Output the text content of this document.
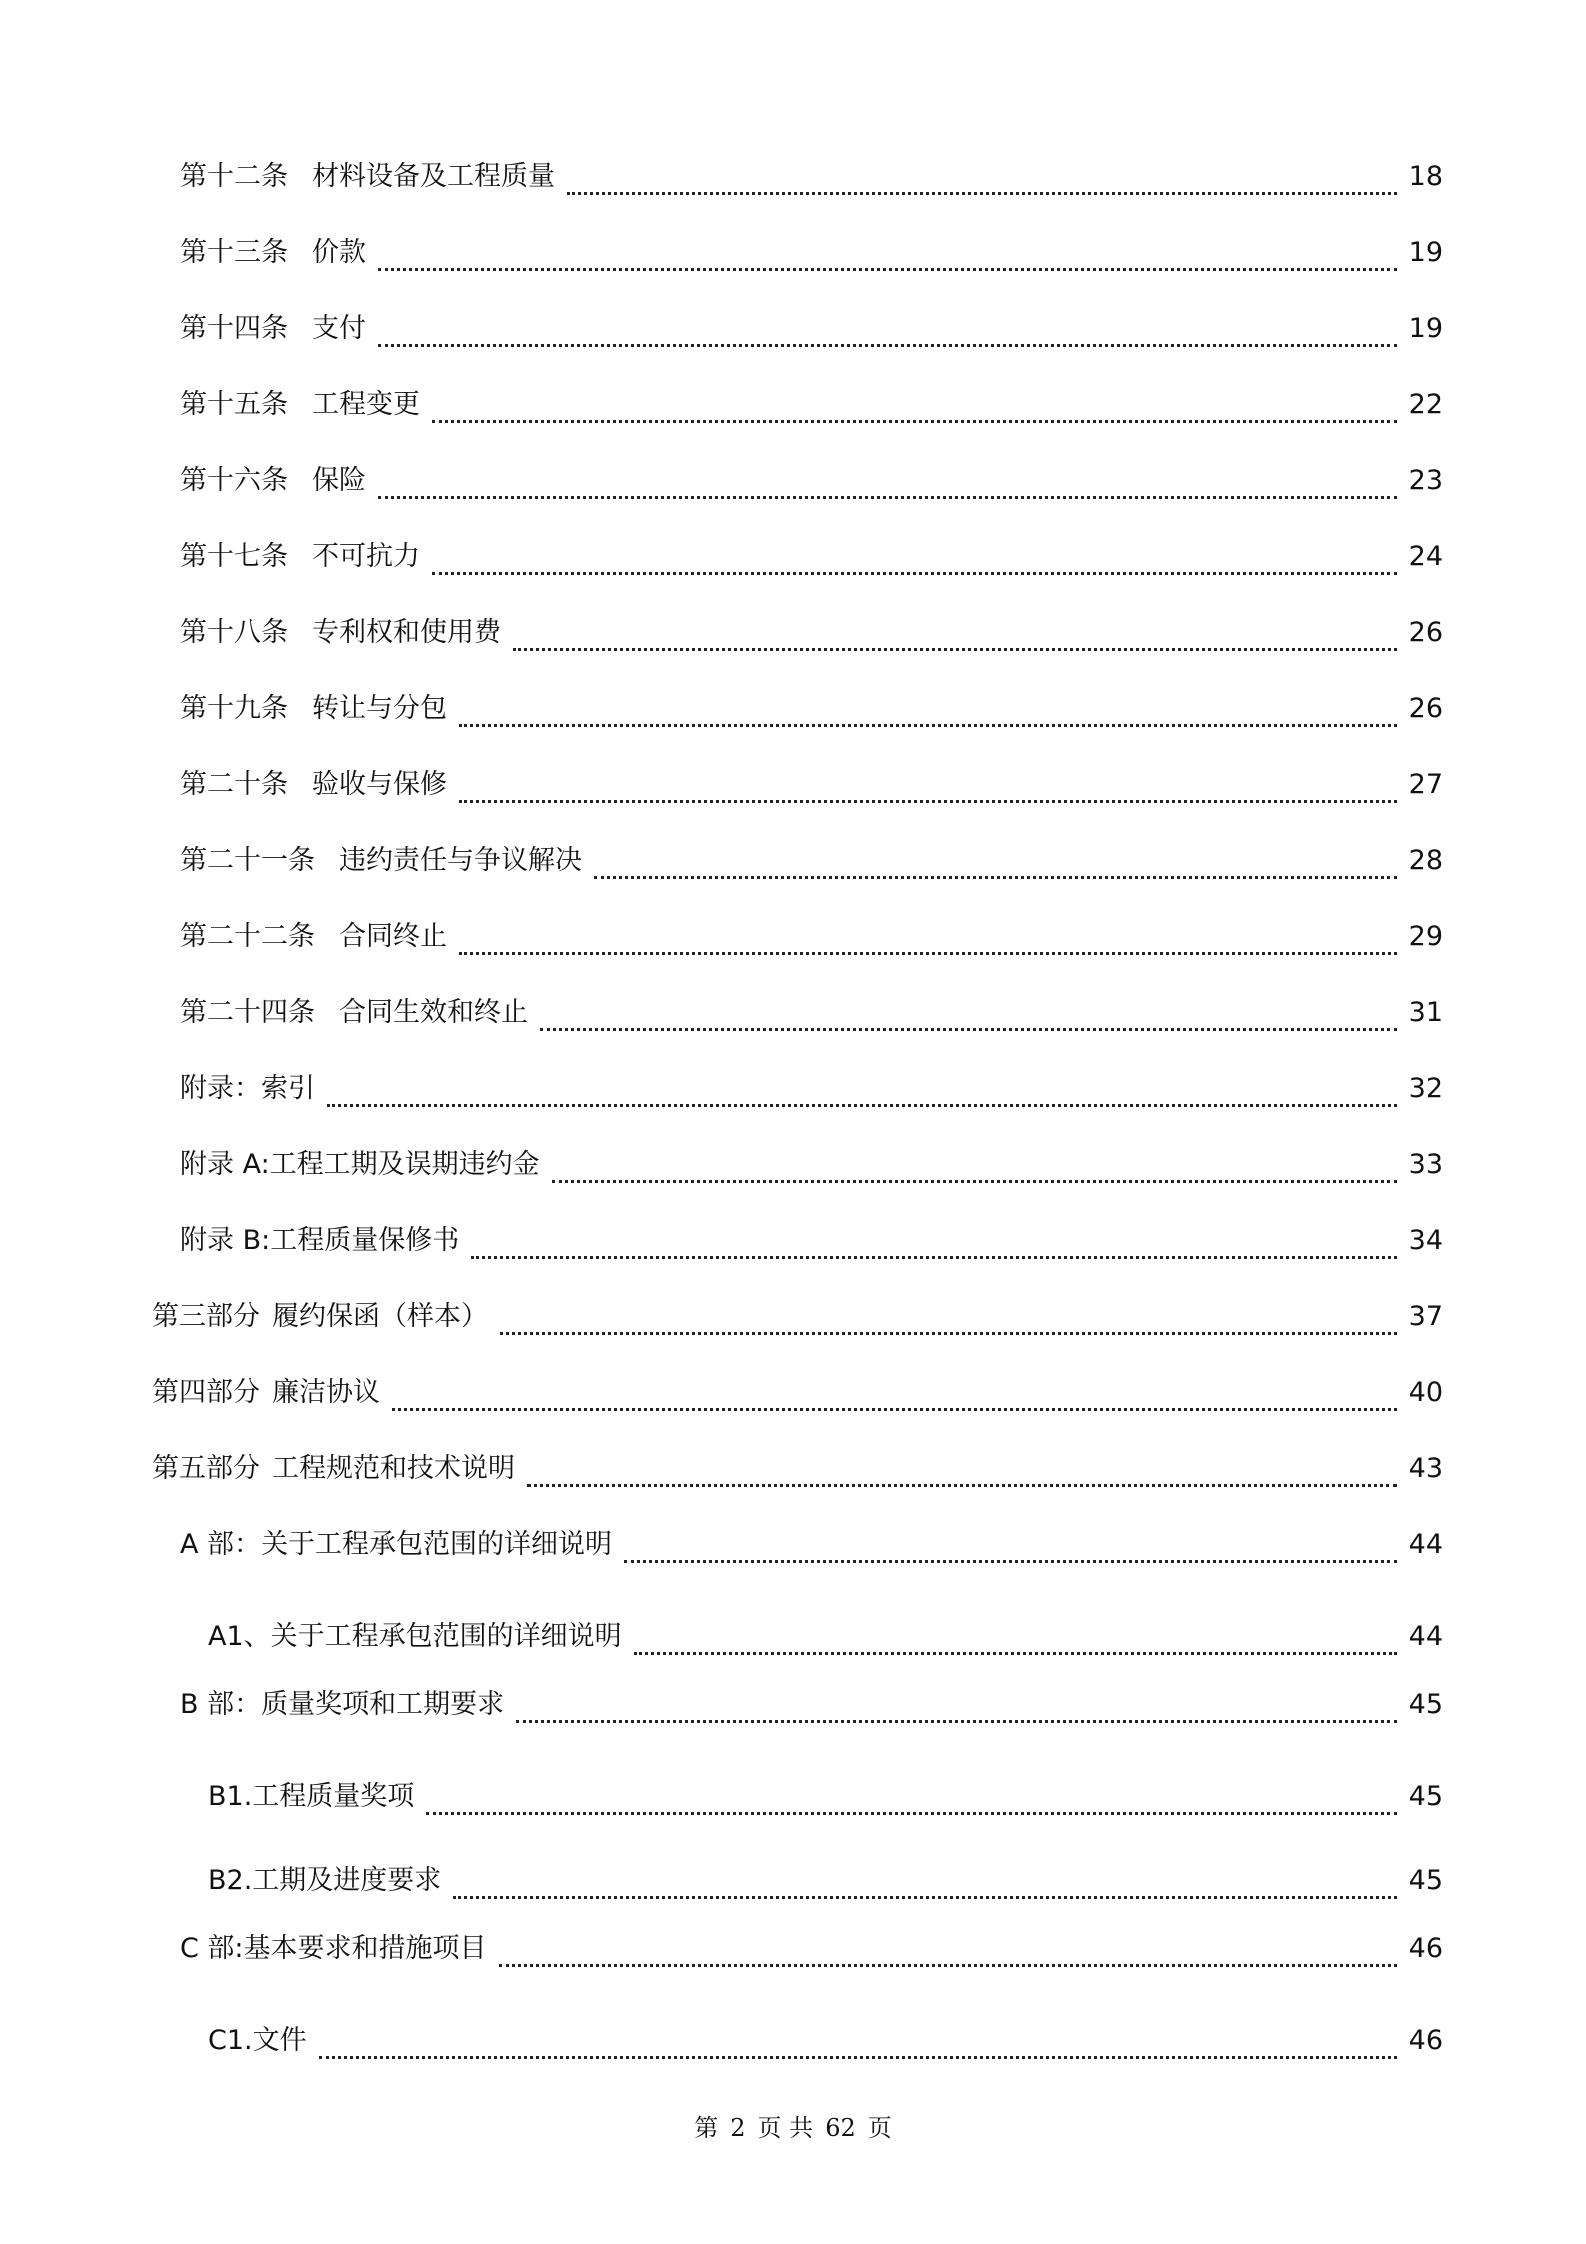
第十二条 材料设备及工程质量	18
第十三条 价款	19
第十四条 支付	19
第十五条 工程变更	22
第十六条 保险	23
第十七条 不可抗力	24
第十八条 专利权和使用费	26
第十九条 转让与分包	26
第二十条 验收与保修	27
第二十一条 违约责任与争议解决	28
第二十二条 合同终止	29
第二十四条 合同生效和终止	31
附录： 索引	32
附录 A: 工程工期及误期违约金	33
附录 B: 工程质量保修书	34
第三部分 履约保函（样本）	37
第四部分 廉洁协议	40
第五部分 工程规范和技术说明	43
A 部： 关于工程承包范围的详细说明	44
A1、 关于工程承包范围的详细说明	44
B 部： 质量奖项和工期要求	45
B1. 工程质量奖项	45
B2. 工期及进度要求	45
C 部: 基本要求和措施项目	46
C1. 文件	46
第 2 页 共 62 页
